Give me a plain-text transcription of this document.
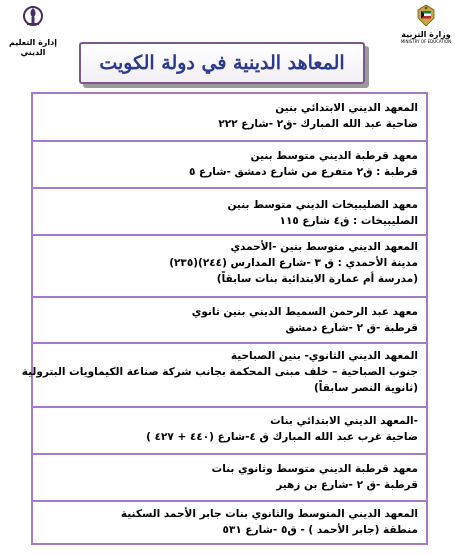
وزارة التربية
MINISTRY OF EDUCATION
إدارة التعليم الديني	المعاهد الدينية في دولة الكويت
المعهد الديني الابتدائي بنين
ضاحية عبد الله المبارك -ق٢ -شارع ٢٢٢
معهد قرطبة الديني متوسط بنين
قرطبة : ق٢ متفرع من شارع دمشق -شارع ٥
معهد الصليبيخات الديني متوسط بنين
الصليبيخات : ق٤ شارع ١١٥
المعهد الديني متوسط بنين -الأحمدي
مدينة الأحمدي : ق ٣ -شارع المدارس (٢٤٤)(٢٣٥)
(مدرسة أم عمارة الابتدائية بنات سابقاً)
معهد عبد الرحمن السميط الديني بنين ثانوي
قرطبة -ق ٢ -شارع دمشق
المعهد الديني الثانوي- بنين الصباحية
جنوب الصباحية – خلف مبنى المحكمة بجانب شركة صناعة الكيماويات البترولية
(ثانوية النصر سابقاً)
-المعهد الديني الابتدائي بنات
ضاحية غرب عبد الله المبارك ق ٤-شارع (٤٤٠ + ٤٢٧ )
معهد قرطبة الديني متوسط وثانوي بنات
قرطبة -ق ٢ -شارع بن زهير
المعهد الديني المتوسط والثانوي بنات جابر الأحمد السكنية
منطقة (جابر الأحمد ) - ق٥ -شارع ٥٣١
